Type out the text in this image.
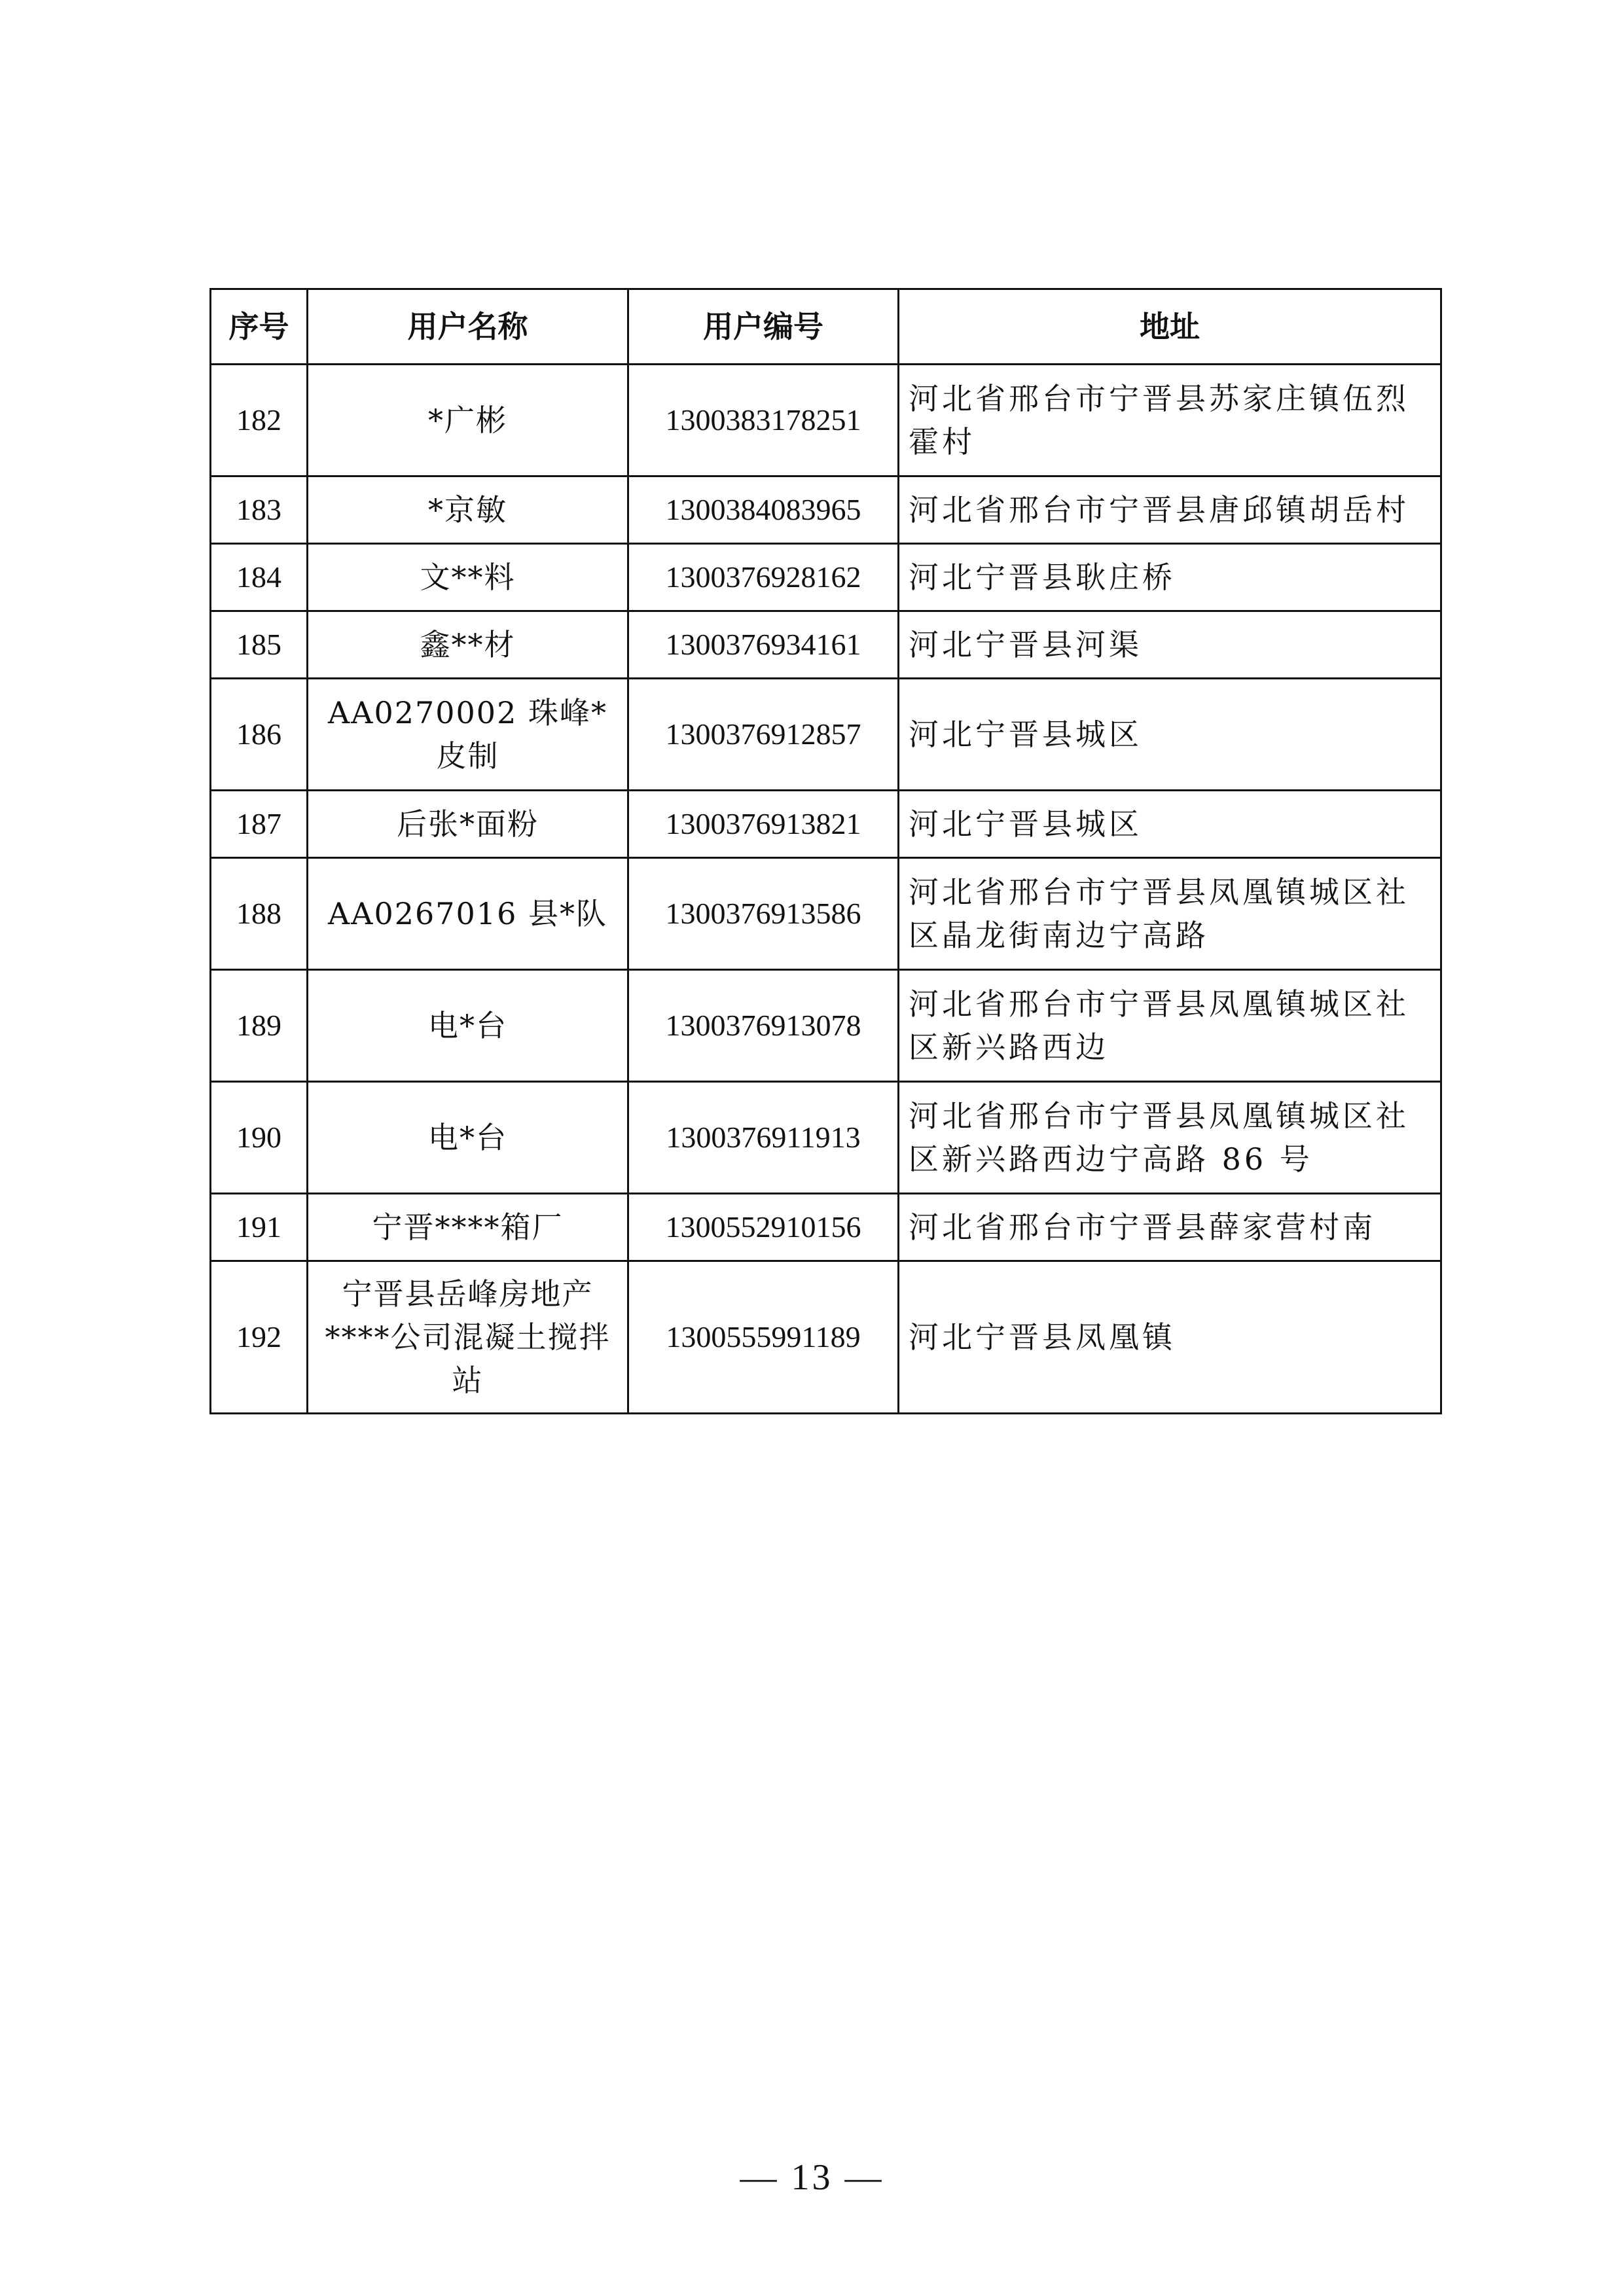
序号	用户名称	用户编号	地址
182	*广彬	1300383178251	河北省邢台市宁晋县苏家庄镇伍烈霍村
183	*京敏	1300384083965	河北省邢台市宁晋县唐邱镇胡岳村
184	文**料	1300376928162	河北宁晋县耿庄桥
185	鑫**材	1300376934161	河北宁晋县河渠
186	AA0270002 珠峰*皮制	1300376912857	河北宁晋县城区
187	后张*面粉	1300376913821	河北宁晋县城区
188	AA0267016 县*队	1300376913586	河北省邢台市宁晋县凤凰镇城区社区晶龙街南边宁高路
189	电*台	1300376913078	河北省邢台市宁晋县凤凰镇城区社区新兴路西边
190	电*台	1300376911913	河北省邢台市宁晋县凤凰镇城区社区新兴路西边宁高路 86 号
191	宁晋****箱厂	1300552910156	河北省邢台市宁晋县薛家营村南
192	宁晋县岳峰房地产****公司混凝土搅拌站	1300555991189	河北宁晋县凤凰镇
— 13 —
